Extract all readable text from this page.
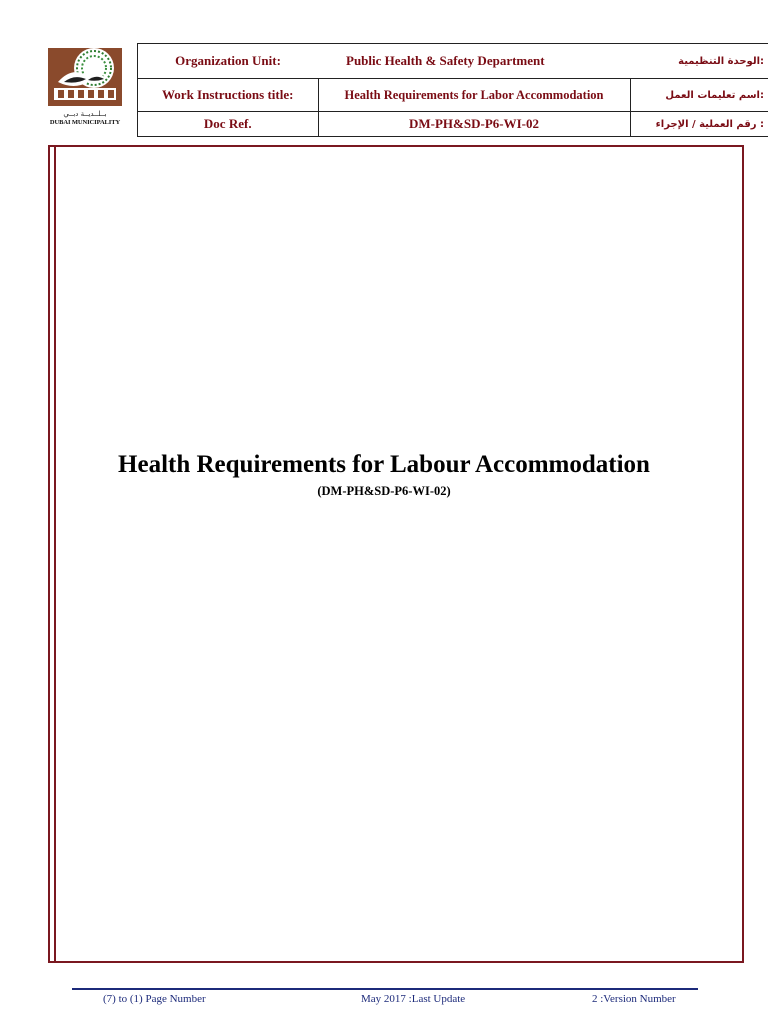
بــلــديــة دبــي
DUBAI MUNICIPALITY
Organization Unit:	Public Health & Safety Department	الوحدة التنظيمية:
Work Instructions title:	Health Requirements for Labor Accommodation	اسم تعليمات العمل:
Doc Ref.	DM-PH&SD-P6-WI-02	رقم العملية / الإجراء :
Health Requirements for Labour Accommodation
(DM-PH&SD-P6-WI-02)
(7) to (1) Page Number	May 2017 :Last Update	2 :Version Number
